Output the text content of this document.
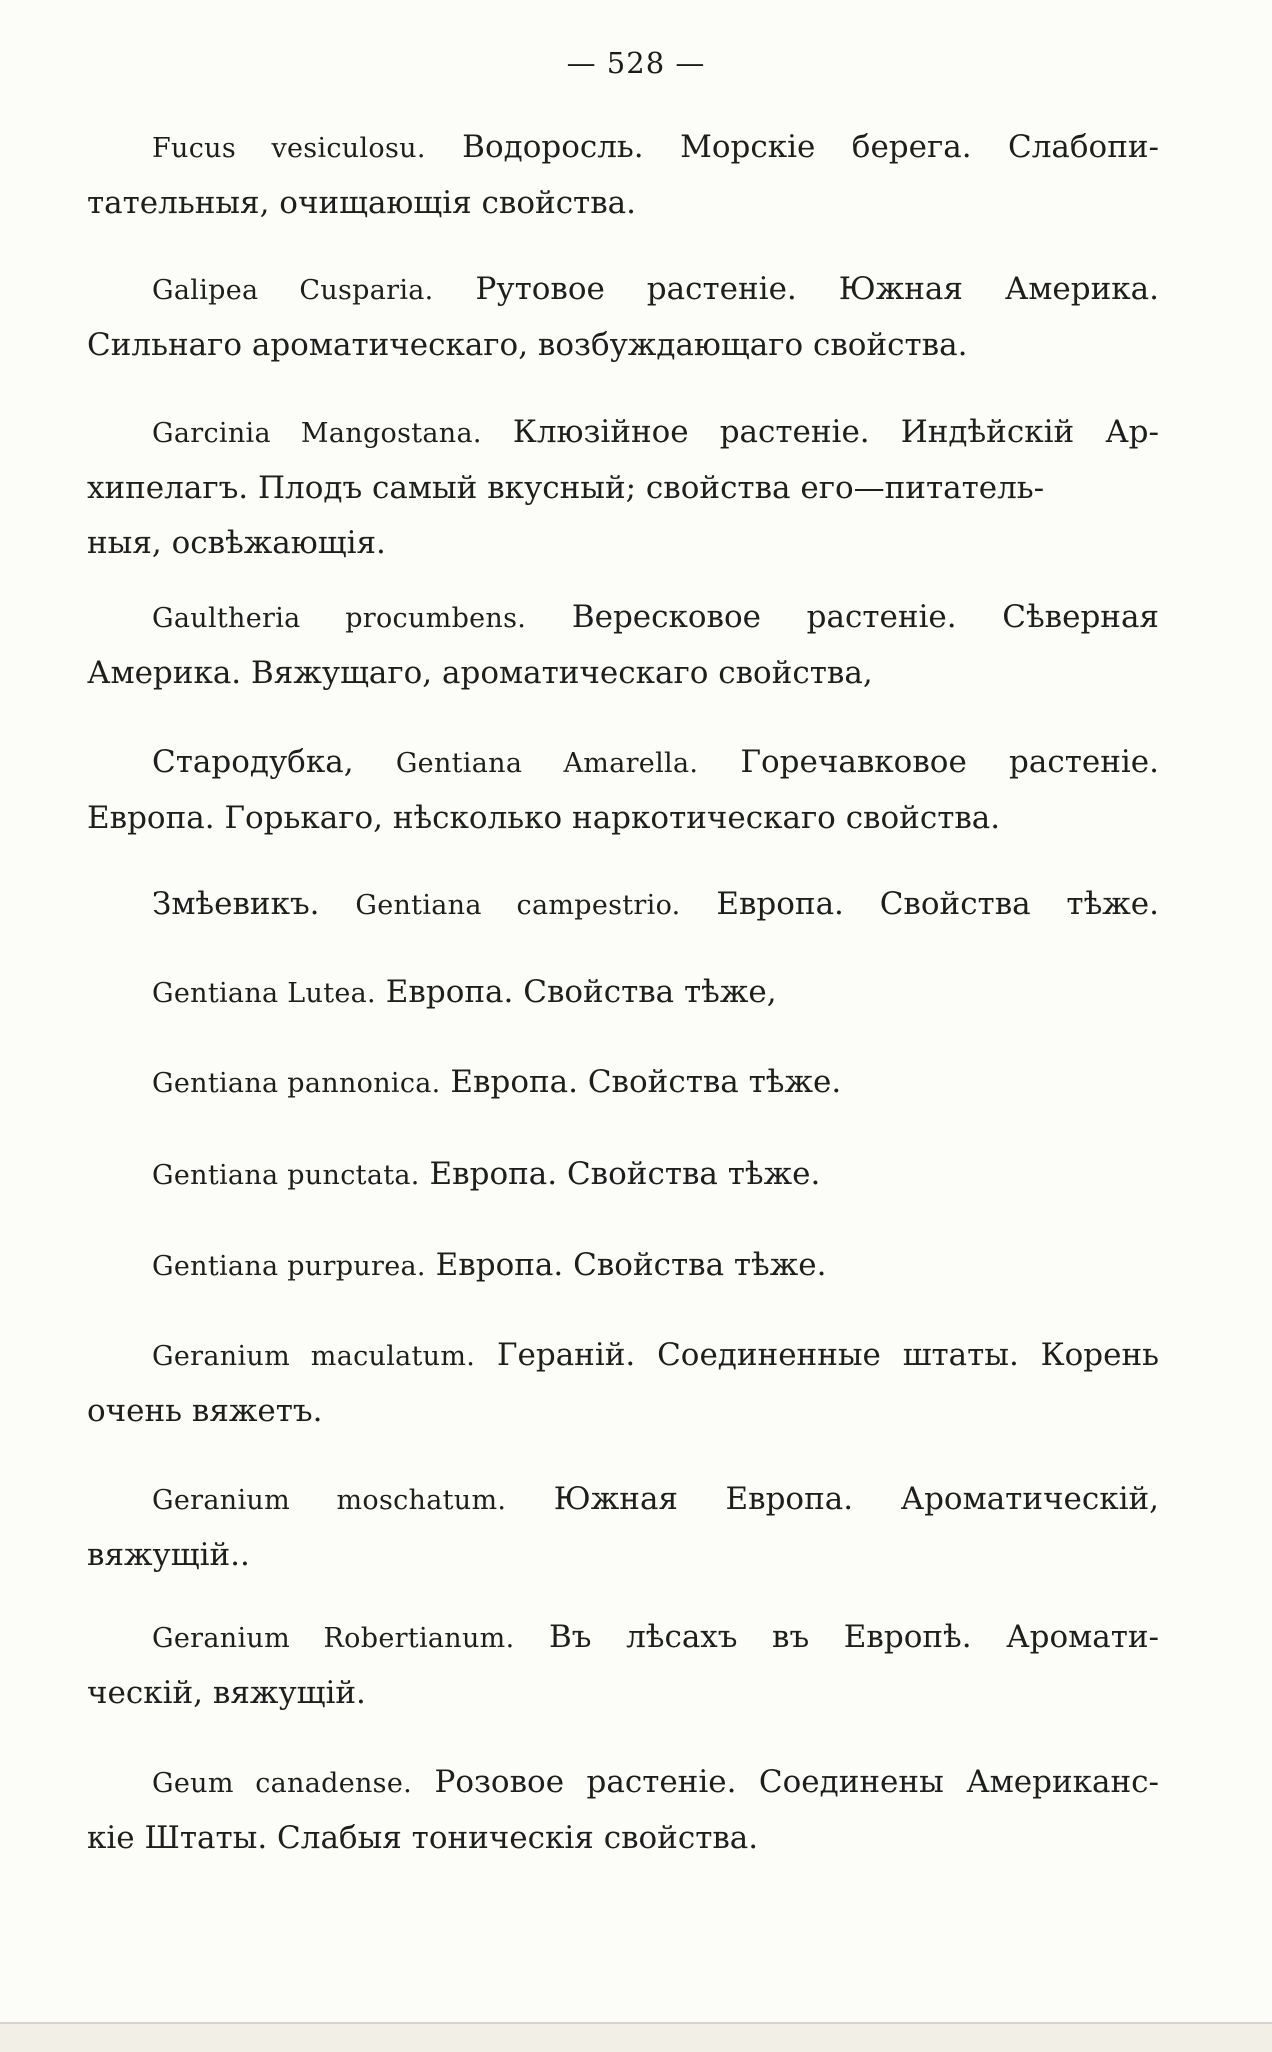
— 528 —
Fucus vesiculosu. Водоросль. Морскіе берега. Слабопи-
тательныя, очищающія свойства.
Galipea Cusparia. Рутовое растеніе. Южная Америка.
Сильнаго ароматическаго, возбуждающаго свойства.
Garcinia Mangostana. Клюзійное растеніе. Индѣйскій Ар-
хипелагъ. Плодъ самый вкусный; свойства его—питатель-
ныя, освѣжающія.
Gaultheria procumbens. Вересковое растеніе. Сѣверная
Америка. Вяжущаго, ароматическаго свойства,
Стародубка, Gentiana Amarella. Горечавковое растеніе.
Европа. Горькаго, нѣсколько наркотическаго свойства.
Змѣевикъ. Gentiana campestrio. Европа. Свойства тѣже.
Gentiana Lutea. Европа. Свойства тѣже,
Gentiana pannonica. Европа. Свойства тѣже.
Gentiana punctata. Европа. Свойства тѣже.
Gentiana purpurea. Европа. Свойства тѣже.
Geranium maculatum. Гераній. Соединенные штаты. Корень
очень вяжетъ.
Geranium moschatum. Южная Европа. Ароматическій,
вяжущій..
Geranium Robertianum. Въ лѣсахъ въ Европѣ. Аромати-
ческій, вяжущій.
Geum canadense. Розовое растеніе. Соединены Американс-
кіе Штаты. Слабыя тоническія свойства.
